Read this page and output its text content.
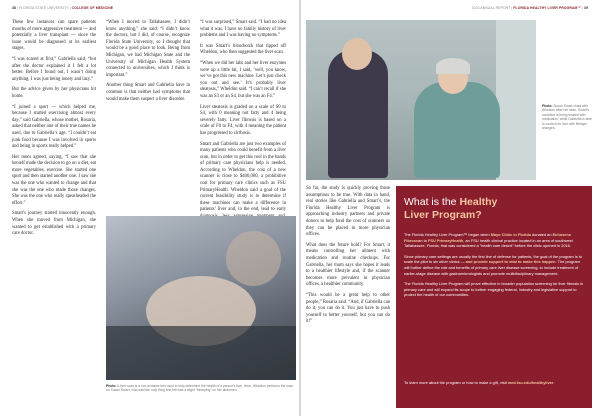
38 | FLORIDA STATE UNIVERSITY | COLLEGE OF MEDICINE	2023 ANNUAL REPORT | FLORIDA HEALTHY LIVER PROGRAM™ | 39

These few instances can spare patients months of more aggressive treatment — and potentially a liver transplant — since the issue would be diagnosed at its earliest stages.

“I was scared at first,” Gabriella said, “but after the doctor explained it I felt a lot better. Before I found out, I wasn’t doing anything. I was just being lonely and lazy.”

But the advice given by her physicians hit home.

“I joined a sport — which helped me, because I started exercising almost every day,” said Gabriella, whose mother, Rosaria, asked that neither one of their true names be used, due to Gabriella’s age. “I couldn’t eat junk food because I was involved in sports and being in sports really helped.”

Her mom agreed, saying, “I saw that she herself made the decision to go on a diet, eat more vegetables, exercise. She started one sport and then started another one. I saw she was the one who wanted to change and that she was the one who made those changes. She was the one who really spearheaded the effort.”

Smart's journey started innocently enough. When she moved from Michigan, she wanted to get established with a primary care doctor.

“When I moved to Tallahassee, I didn’t know anything,” she said. “I didn’t know the doctors, but I did, of course, recognize Florida State University, so I thought that would be a good place to look. Being from Michigan, we had Michigan State and the University of Michigan Health System connected to universities, which I think is important.”

Another thing Smart and Gabriella have in common is that neither had symptoms that would make them suspect a liver disorder.

“I was surprised,” Smart said. “I had no idea what it was. I have no family history of liver problems and I was having no symptoms.”

It was Smart’s bloodwork that tipped off Wheldon, who then suggested the liver scan.

“When we did her labs and her liver enzymes were up a little bit, I said, ‘well, you know, we’ve got this new machine. Let’s just check you out and see.’ It’s probably liver steatosis,” Wheldon said. “I can’t recall if she was an S3 or an S4, but she was an F4.”

Liver steatosis is graded on a scale of S0 to S4, with 0 meaning not fatty and 4 being severely fatty. Liver fibrosis is based on a scale of F0 to F4, with 4 meaning the patient has progressed to cirrhosis.

Smart and Gabriella are just two examples of many patients who could benefit from a liver scan, but in order to get this tool in the hands of primary care physicians help is needed. According to Wheldon, the cost of a new scanner is close to $400,000, a prohibitive cost for primary care clinics such as FSU PrimaryHealth. Wheldon said a goal of the current feasibility study is to determine if these machines can make a difference in patients’ liver and, in the end, lead to early

Photo: A liver scan is a non-invasive test used to help determine the health of a person's liver. Here, Wheldon performs the scan on Susan Smart, who said the only thing she felt was a slight "thumping" on her abdomen.
Photo: Susan Smart chats with Wheldon after her scan. Smart's condition is being treated with medication, while Gabriella is able to control her liver with lifestyle changes.

So far, the study is quickly proving those assumptions to be true. With data in hand, real stories like Gabriella and Smart’s, the Florida Healthy Liver Program is approaching industry partners and private donors to help fund the cost of scanners so they can be placed in more physician offices.

What does the future hold? For Smart, it means controlling her ailment with medication and routine checkups. For Gabriella, her mom says she hopes it leads to a healthier lifestyle and, if the scanner becomes more prevalent in physician offices, a healthier community.

“This would be a great help to other people,” Rosaria said. “And, if Gabriella can do it, you can do it. You just have to push yourself to better yourself, but you can do it!”

What is the Healthy
Liver Program?

The Florida Healthy Liver Program™ began when Mayo Clinic in Florida donated an Echosens Fibroscan to FSU PrimaryHealth, an FSU health clinical practice located in an area of southwest Tallahassee, Florida, that was considered a "health care desert" before the clinic opened in 2016.

Since primary care settings are usually the first line of defense for patients, the goal of the program is to scale the pilot to six other clinics — and provide support to vital to make this happen. The program will further define the role and benefits of primary care liver disease screening, to include treatment of earlier-stage disease with gastroenterologists and promote multidisciplinary management.

The Florida Healthy Liver Program will prove effective in broader population screening for liver fibrosis in primary care and will expand its scope to further engaging federal, industry and legislative support to protect the health of our communities.

To learn more about the program or how to make a gift, visit med.fsu.edu/healthyliver.
